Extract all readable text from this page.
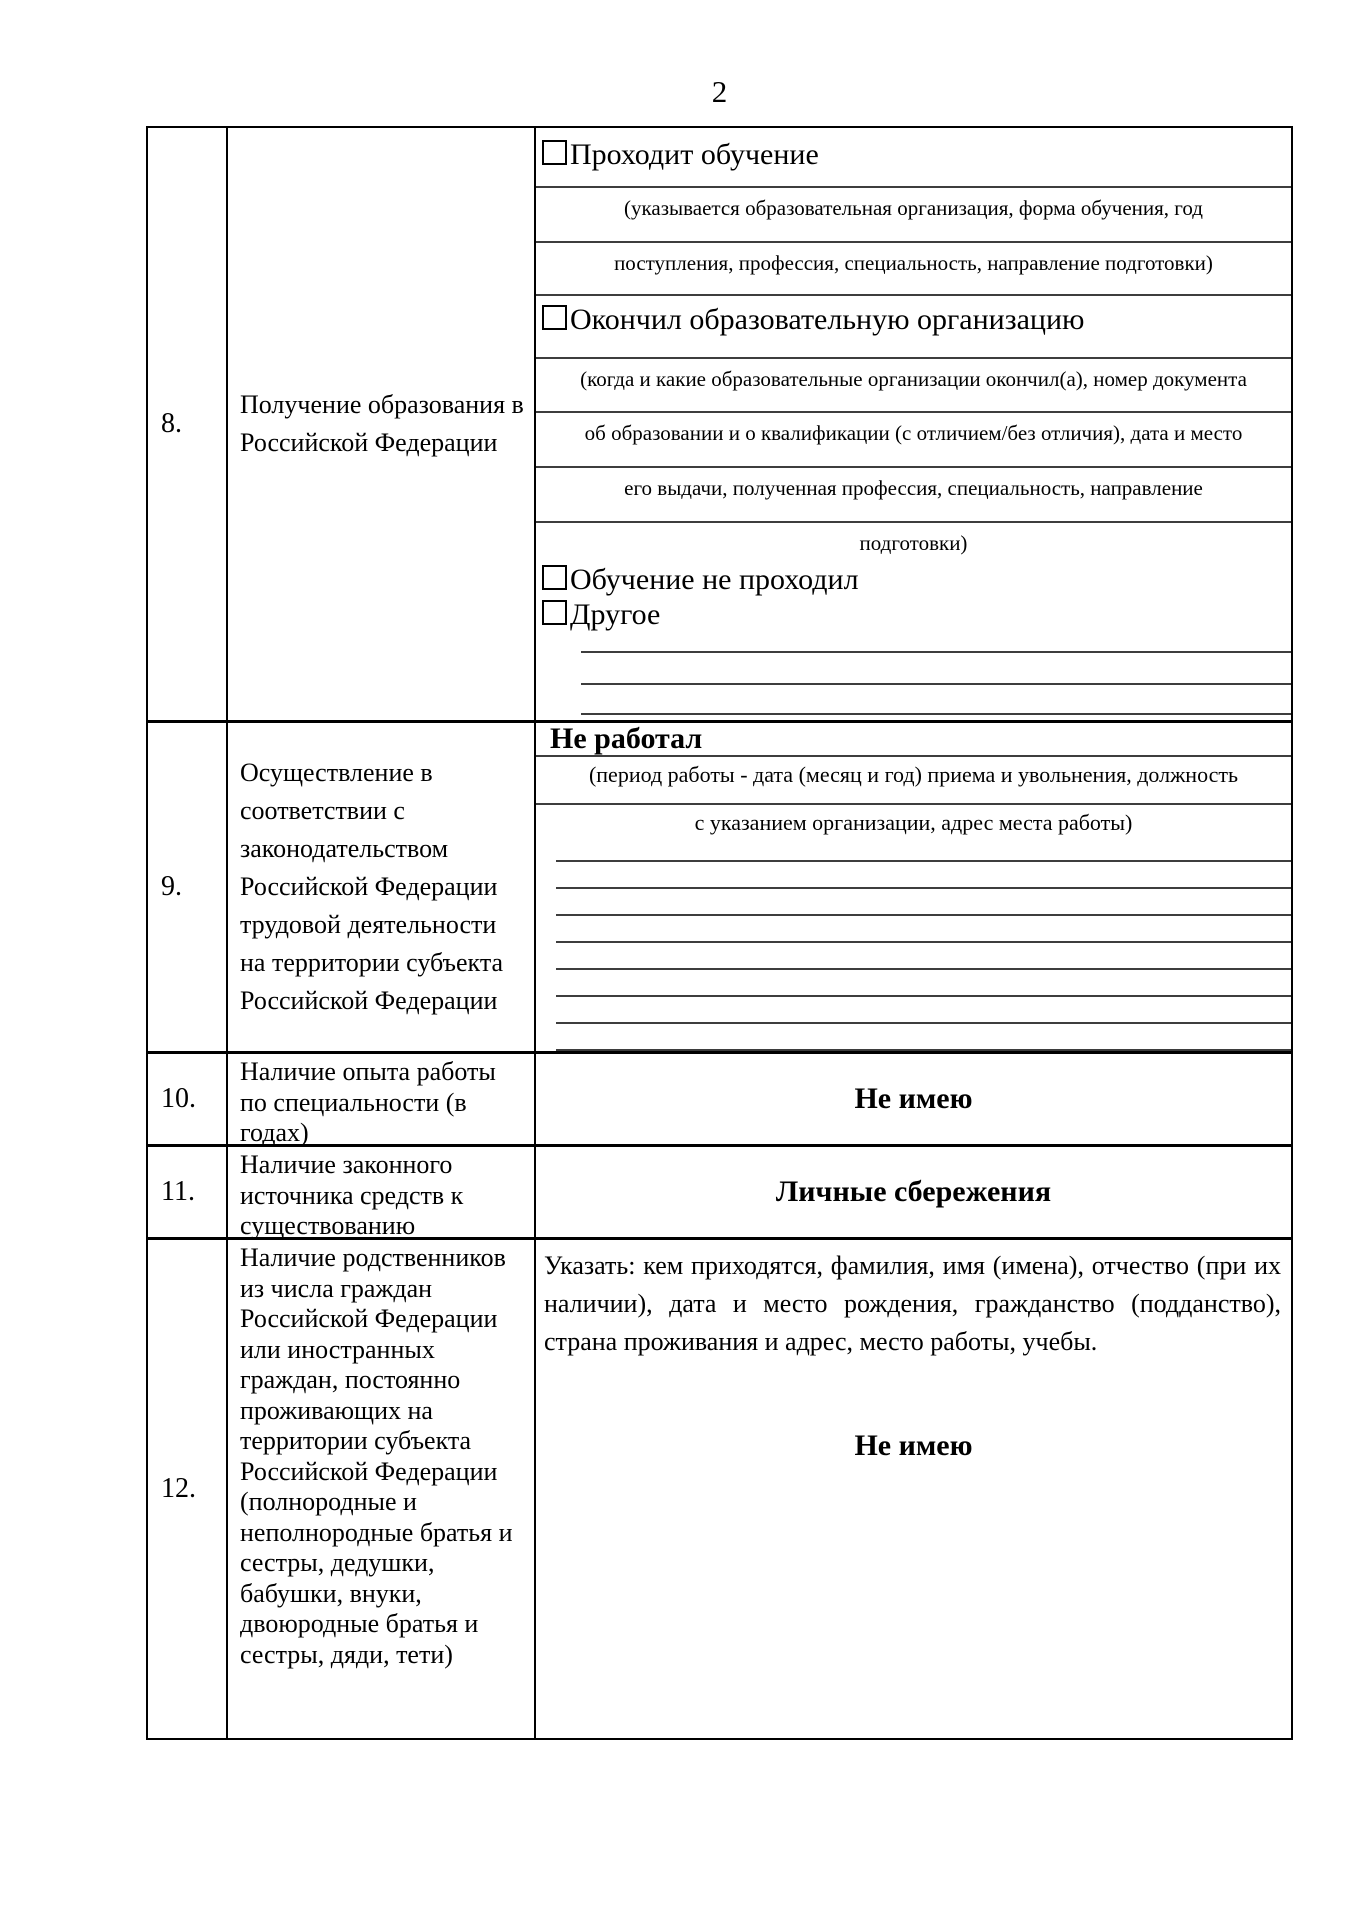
2
8.
Получение образования в Российской Федерации
Проходит обучение
(указывается образовательная организация, форма обучения, год
поступления, профессия, специальность, направление подготовки)
Окончил образовательную организацию
(когда и какие образовательные организации окончил(а), номер документа
об образовании и о квалификации (с отличием/без отличия), дата и место
его выдачи, полученная профессия, специальность, направление
подготовки)
Обучение не проходил
Другое
9.
Осуществление в соответствии с законодательством Российской Федерации трудовой деятельности на территории субъекта Российской Федерации
Не работал
(период работы - дата (месяц и год) приема и увольнения, должность
с указанием организации, адрес места работы)
10.
Наличие опыта работы по специальности (в годах)
Не имею
11.
Наличие законного источника средств к существованию
Личные сбережения
12.
Наличие родственников из числа граждан Российской Федерации или иностранных граждан, постоянно проживающих на территории субъекта Российской Федерации (полнородные и неполнородные братья и сестры, дедушки, бабушки, внуки, двоюродные братья и сестры, дяди, тети)
Указать: кем приходятся, фамилия, имя (имена), отчество (при их наличии), дата и место рождения, гражданство (подданство), страна проживания и адрес, место работы, учебы.
Не имею
